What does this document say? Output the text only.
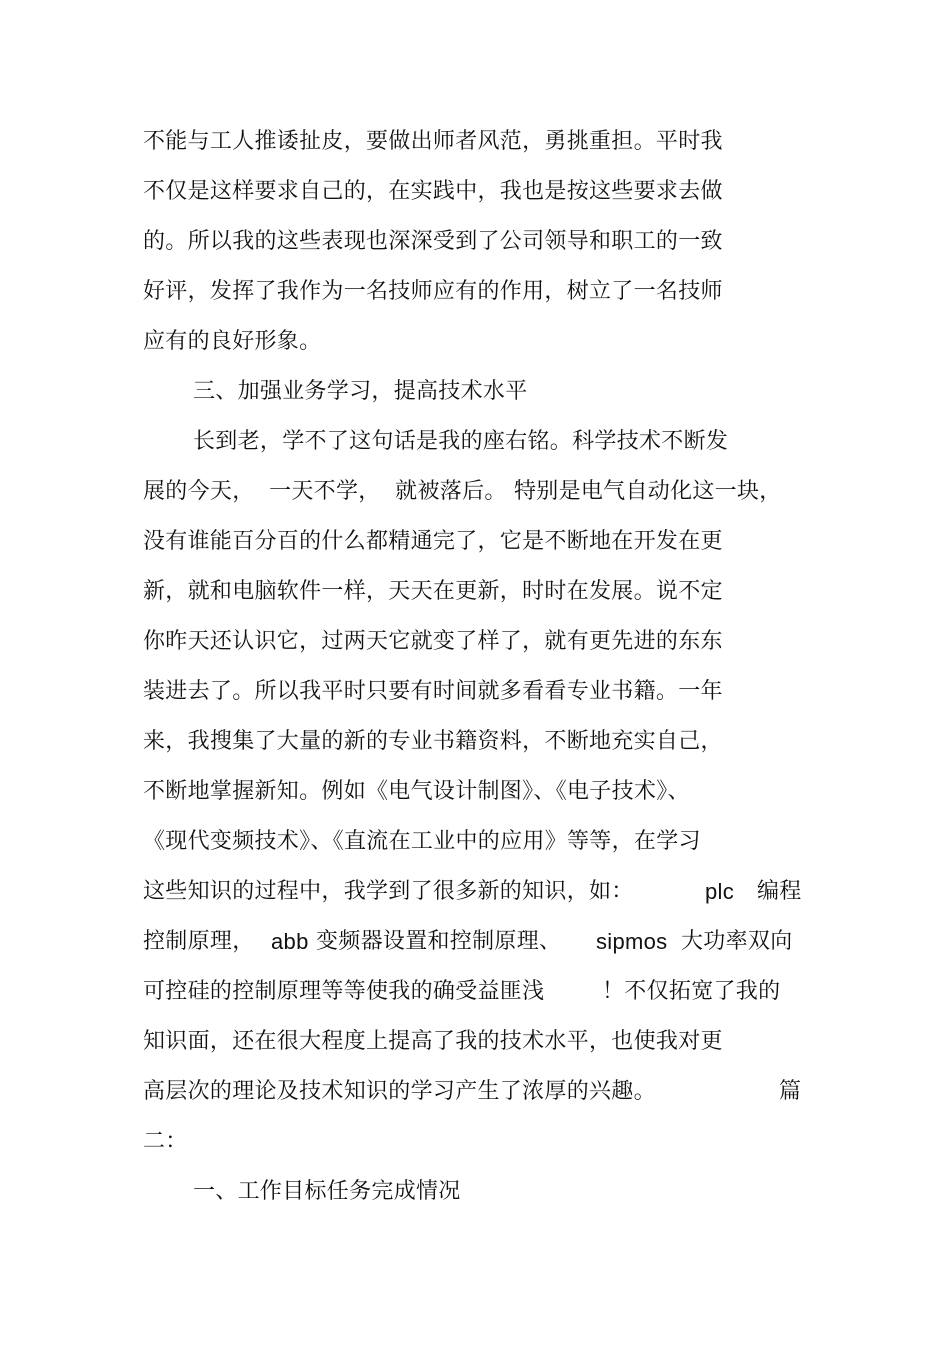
不能与工人推诿扯皮，要做出师者风范，勇挑重担。平时我
不仅是这样要求自己的，在实践中，我也是按这些要求去做
的。所以我的这些表现也深深受到了公司领导和职工的一致
好评，发挥了我作为一名技师应有的作用，树立了一名技师
应有的良好形象。
三、加强业务学习，提高技术水平
长到老，学不了这句话是我的座右铭。科学技术不断发
展的今天，  一天不学，  就被落后。 特别是电气自动化这一块，
没有谁能百分百的什么都精通完了，它是不断地在开发在更
新，就和电脑软件一样，天天在更新，时时在发展。说不定
你昨天还认识它，过两天它就变了样了，就有更先进的东东
装进去了。所以我平时只要有时间就多看看专业书籍。一年
来，我搜集了大量的新的专业书籍资料，不断地充实自己，
不断地掌握新知。例如《电气设计制图》、《电子技术》、
《现代变频技术》、《直流在工业中的应用》等等，在学习
这些知识的过程中，我学到了很多新的知识，如：	plc 编程
控制原理， abb 变频器设置和控制原理、 sipmos 大功率双向
可控硅的控制原理等等使我的确受益匪浅	！不仅拓宽了我的
知识面，还在很大程度上提高了我的技术水平，也使我对更
高层次的理论及技术知识的学习产生了浓厚的兴趣。	篇
二：
一、工作目标任务完成情况
